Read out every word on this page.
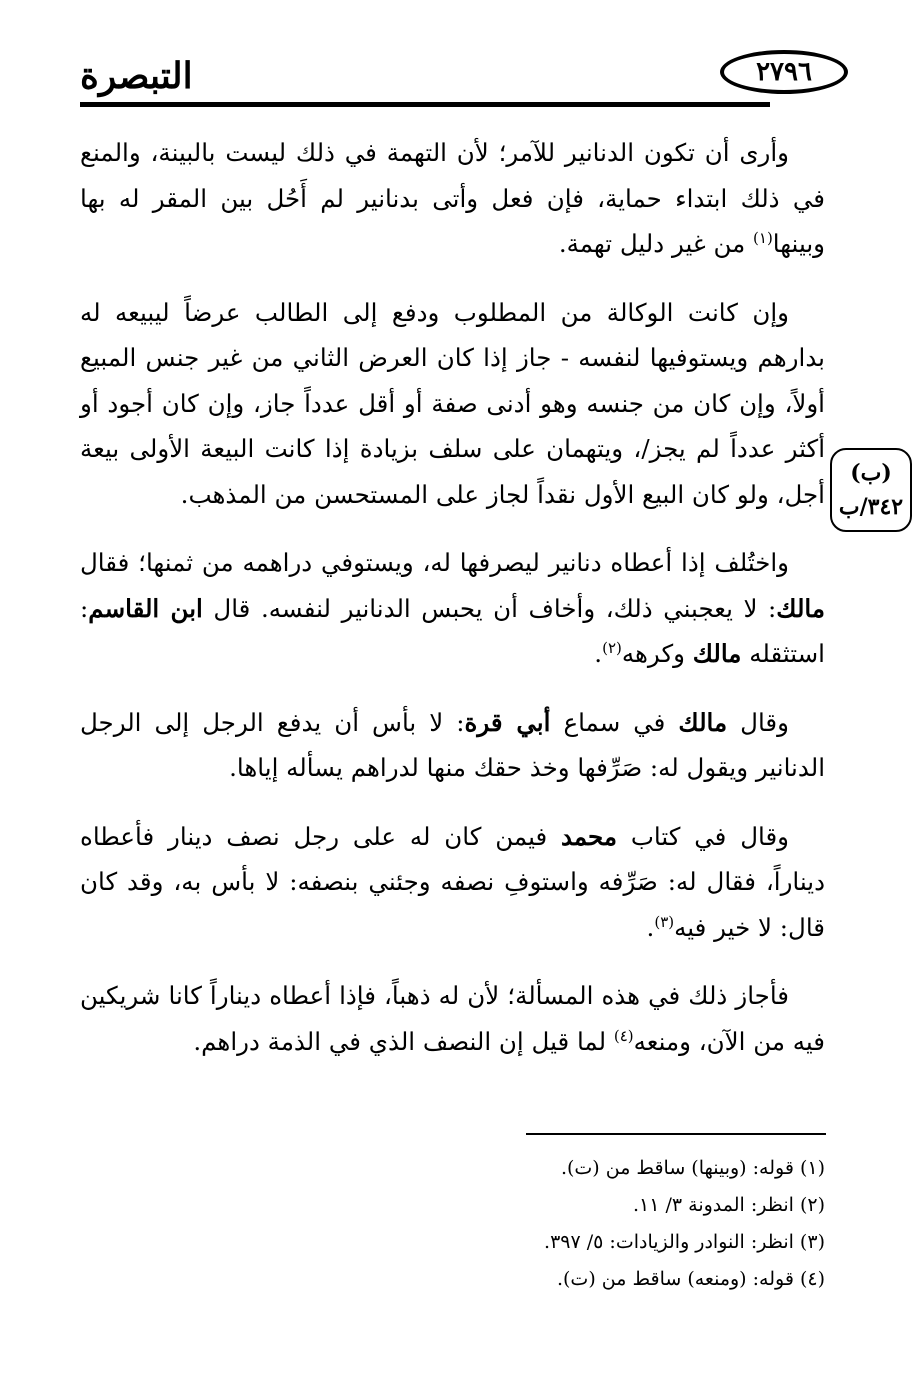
التبصرة	٢٧٩٦
(ب)
٣٤٢/ب

وأرى أن تكون الدنانير للآمر؛ لأن التهمة في ذلك ليست بالبينة، والمنع في ذلك ابتداء حماية، فإن فعل وأتى بدنانير لم أَحُل بين المقر له بها وبينها$^{(١)}$ من غير دليل تهمة.

وإن كانت الوكالة من المطلوب ودفع إلى الطالب عرضاً ليبيعه له بدارهم ويستوفيها لنفسه - جاز إذا كان العرض الثاني من غير جنس المبيع أولاً، وإن كان من جنسه وهو أدنى صفة أو أقل عدداً جاز، وإن كان أجود أو أكثر عدداً لم يجز/، ويتهمان على سلف بزيادة إذا كانت البيعة الأولى بيعة أجل، ولو كان البيع الأول نقداً لجاز على المستحسن من المذهب.

واختُلف إذا أعطاه دنانير ليصرفها له، ويستوفي دراهمه من ثمنها؛ فقال مالك: لا يعجبني ذلك، وأخاف أن يحبس الدنانير لنفسه. قال ابن القاسم: استثقله مالك وكرهه$^{(٢)}$.

وقال مالك في سماع أبي قرة: لا بأس أن يدفع الرجل إلى الرجل الدنانير ويقول له: صَرِّفها وخذ حقك منها لدراهم يسأله إياها.

وقال في كتاب محمد فيمن كان له على رجل نصف دينار فأعطاه ديناراً، فقال له: صَرِّفه واستوفِ نصفه وجئني بنصفه: لا بأس به، وقد كان قال: لا خير فيه$^{(٣)}$.

فأجاز ذلك في هذه المسألة؛ لأن له ذهباً، فإذا أعطاه ديناراً كانا شريكين فيه من الآن، ومنعه$^{(٤)}$ لما قيل إن النصف الذي في الذمة دراهم.

(١) قوله: (وبينها) ساقط من (ت).

(٢) انظر: المدونة ٣/ ١١.

(٣) انظر: النوادر والزيادات: ٥/ ٣٩٧.

(٤) قوله: (ومنعه) ساقط من (ت).
